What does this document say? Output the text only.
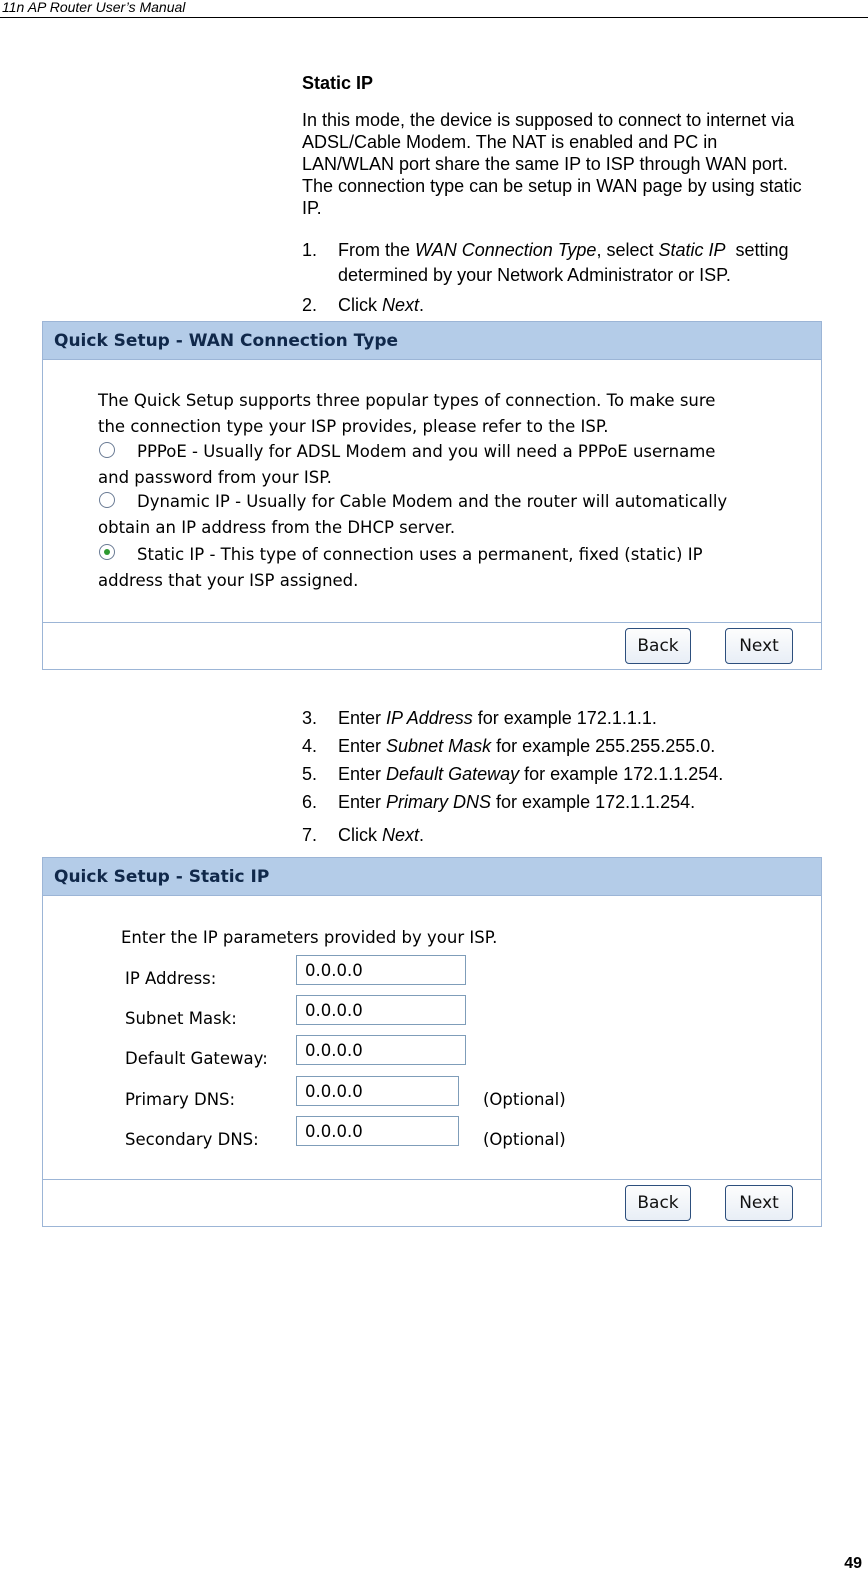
11n AP Router User’s Manual
Static IP
In this mode, the device is supposed to connect to internet via
ADSL/Cable Modem. The NAT is enabled and PC in
LAN/WLAN port share the same IP to ISP through WAN port.
The connection type can be setup in WAN page by using static
IP.
1. From the WAN Connection Type, select Static IP  setting
determined by your Network Administrator or ISP.
2. Click Next.
Quick Setup - WAN Connection Type
The Quick Setup supports three popular types of connection. To make sure
the connection type your ISP provides, please refer to the ISP.
PPPoE - Usually for ADSL Modem and you will need a PPPoE username
and password from your ISP.
Dynamic IP - Usually for Cable Modem and the router will automatically
obtain an IP address from the DHCP server.
Static IP - This type of connection uses a permanent, fixed (static) IP
address that your ISP assigned.
Back	Next
3. Enter IP Address for example 172.1.1.1.
4. Enter Subnet Mask for example 255.255.255.0.
5. Enter Default Gateway for example 172.1.1.254.
6. Enter Primary DNS for example 172.1.1.254.
7. Click Next.
Quick Setup - Static IP
Enter the IP parameters provided by your ISP.
IP Address:
0.0.0.0
Subnet Mask:
0.0.0.0
Default Gateway:
0.0.0.0
Primary DNS:
0.0.0.0	(Optional)
Secondary DNS:
0.0.0.0	(Optional)
Back	Next
49
